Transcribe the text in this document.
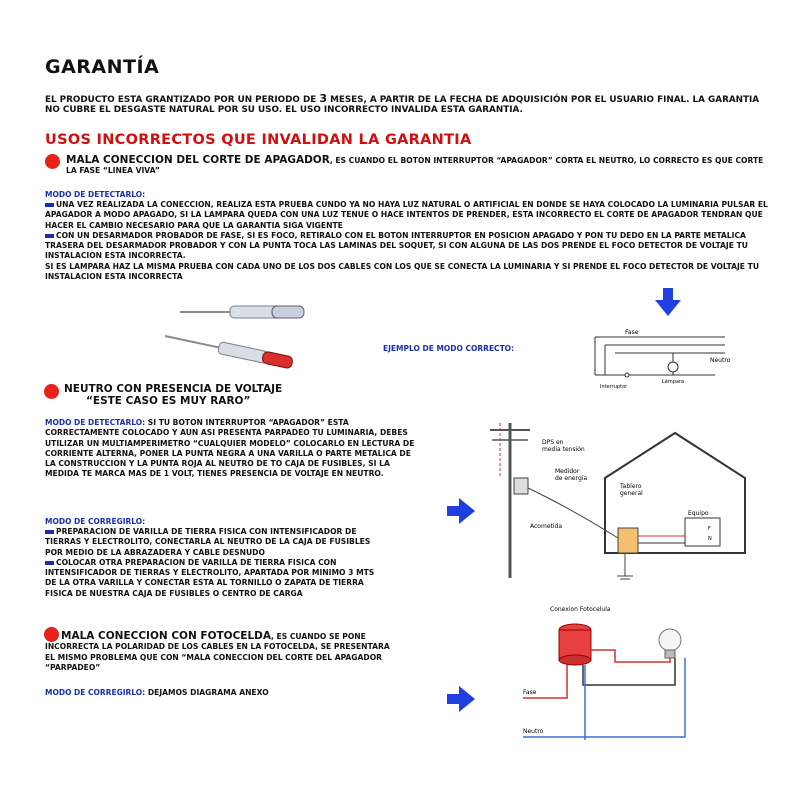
GARANTÍA
EL PRODUCTO ESTA GRANTIZADO POR UN PERIODO DE 3 MESES, A PARTIR DE LA FECHA DE ADQUISICIÓN POR EL USUARIO FINAL. LA GARANTIA NO CUBRE EL DESGASTE NATURAL POR SU USO. EL USO INCORRECTO INVALIDA ESTA GARANTIA.
USOS INCORRECTOS QUE INVALIDAN LA GARANTIA
MALA CONECCION DEL CORTE DE APAGADOR, ES CUANDO EL BOTON INTERRUPTOR “APAGADOR” CORTA EL NEUTRO, LO CORRECTO ES QUE CORTE LA FASE “LINEA VIVA”
MODO DE DETECTARLO:
UNA VEZ REALIZADA LA CONECCION, REALIZA ESTA PRUEBA CUNDO YA NO HAYA LUZ NATURAL O ARTIFICIAL EN DONDE SE HAYA COLOCADO LA LUMINARIA PULSAR EL APAGADOR A MODO APAGADO, SI LA LAMPARA QUEDA CON UNA LUZ TENUE O HACE INTENTOS DE PRENDER, ESTA INCORRECTO EL CORTE DE APAGADOR TENDRAN QUE HACER EL CAMBIO NECESARIO PARA QUE LA GARANTIA SIGA VIGENTE
CON UN DESARMADOR PROBADOR DE FASE, SI ES FOCO, RETIRALO CON EL BOTON INTERRUPTOR EN POSICION APAGADO Y PON TU DEDO EN LA PARTE METALICA TRASERA DEL DESARMADOR PROBADOR Y CON LA PUNTA TOCA LAS LAMINAS DEL SOQUET, SI CON ALGUNA DE LAS DOS PRENDE EL FOCO DETECTOR DE VOLTAJE TU INSTALACION ESTA INCORRECTA.
SI ES LAMPARA HAZ LA MISMA PRUEBA CON CADA UNO DE LOS DOS CABLES CON LOS QUE SE CONECTA LA LUMINARIA Y SI PRENDE EL FOCO DETECTOR DE VOLTAJE TU INSTALACION ESTA INCORRECTA
EJEMPLO DE MODO CORRECTO:
Fase
Neutro
Interruptor
Lámpara
NEUTRO CON PRESENCIA DE VOLTAJE
“ESTE CASO ES MUY RARO”
MODO DE DETECTARLO: SI TU BOTON INTERRUPTOR “APAGADOR” ESTA CORRECTAMENTE COLOCADO Y AUN ASI PRESENTA PARPADEO TU LUMINARIA, DEBES UTILIZAR UN MULTIAMPERIMETRO “CUALQUIER MODELO” COLOCARLO EN LECTURA DE CORRIENTE ALTERNA, PONER LA PUNTA NEGRA A UNA VARILLA O PARTE METALICA DE LA CONSTRUCCION Y LA PUNTA ROJA AL NEUTRO DE TO CAJA DE FUSIBLES, SI LA MEDIDA TE MARCA MAS DE 1 VOLT, TIENES PRESENCIA DE VOLTAJE EN NEUTRO.
MODO DE CORREGIRLO:
PREPARACION DE VARILLA DE TIERRA FISICA CON INTENSIFICADOR DE TIERRAS Y ELECTROLITO, CONECTARLA AL NEUTRO DE LA CAJA DE FUSIBLES POR MEDIO DE LA ABRAZADERA Y CABLE DESNUDO
COLOCAR OTRA PREPARACION DE VARILLA DE TIERRA FISICA CON INTENSIFICADOR DE TIERRAS Y ELECTROLITO, APARTADA POR MINIMO 3 MTS DE LA OTRA VARILLA Y CONECTAR ESTA AL TORNILLO O ZAPATA DE TIERRA FISICA DE NUESTRA CAJA DE FUSIBLES O CENTRO DE CARGA
DPS en media tensión
Medidor de energía
Tablero general
Acometida
Equipo
F
N
MALA CONECCION CON FOTOCELDA, ES CUANDO SE PONE INCORRECTA LA POLARIDAD DE LOS CABLES EN LA FOTOCELDA, SE PRESENTARA EL MISMO PROBLEMA QUE CON “MALA CONECCION DEL CORTE DEL APAGADOR “PARPADEO”
MODO DE CORREGIRLO: DEJAMOS DIAGRAMA ANEXO
Conexion Fotocelula
Fase
Neutro
